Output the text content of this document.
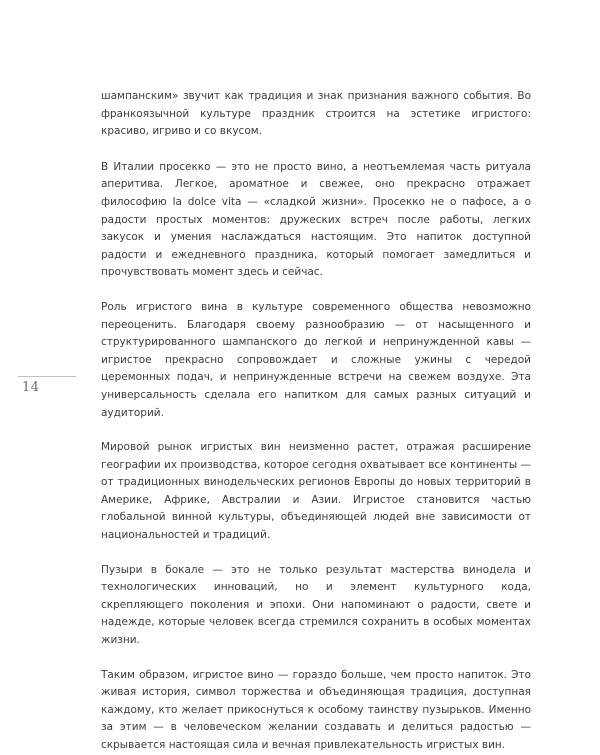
14

шампанским» звучит как традиция и знак признания важного события. Во франкоязычной культуре праздник строится на эстетике игристого: красиво, игриво и со вкусом.

В Италии просекко — это не просто вино, а неотъемлемая часть ритуала аперитива. Легкое, ароматное и свежее, оно прекрасно отражает философию la dolce vita — «сладкой жизни». Просекко не о пафосе, а о радости простых моментов: дружеских встреч после работы, легких закусок и умения наслаждаться настоящим. Это напиток доступной радости и ежедневного праздника, который помогает замедлиться и прочувствовать момент здесь и сейчас.

Роль игристого вина в культуре современного общества невозможно переоценить. Благодаря своему разнообразию — от насыщенного и структурированного шампанского до легкой и непринужденной кавы — игристое прекрасно сопровождает и сложные ужины с чередой церемонных подач, и непринужденные встречи на свежем воздухе. Эта универсальность сделала его напитком для самых разных ситуаций и аудиторий.

Мировой рынок игристых вин неизменно растет, отражая расширение географии их производства, которое сегодня охватывает все континенты — от традиционных винодельческих регионов Европы до новых территорий в Америке, Африке, Австралии и Азии. Игристое становится частью глобальной винной культуры, объединяющей людей вне зависимости от национальностей и традиций.

Пузыри в бокале — это не только результат мастерства винодела и технологических инноваций, но и элемент культурного кода, скрепляющего поколения и эпохи. Они напоминают о радости, свете и надежде, которые человек всегда стремился сохранить в особых моментах жизни.

Таким образом, игристое вино — гораздо больше, чем просто напиток. Это живая история, символ торжества и объединяющая традиция, доступная каждому, кто желает прикоснуться к особому таинству пузырьков. Именно за этим — в человеческом желании создавать и делиться радостью — скрывается настоящая сила и вечная привлекательность игристых вин.
